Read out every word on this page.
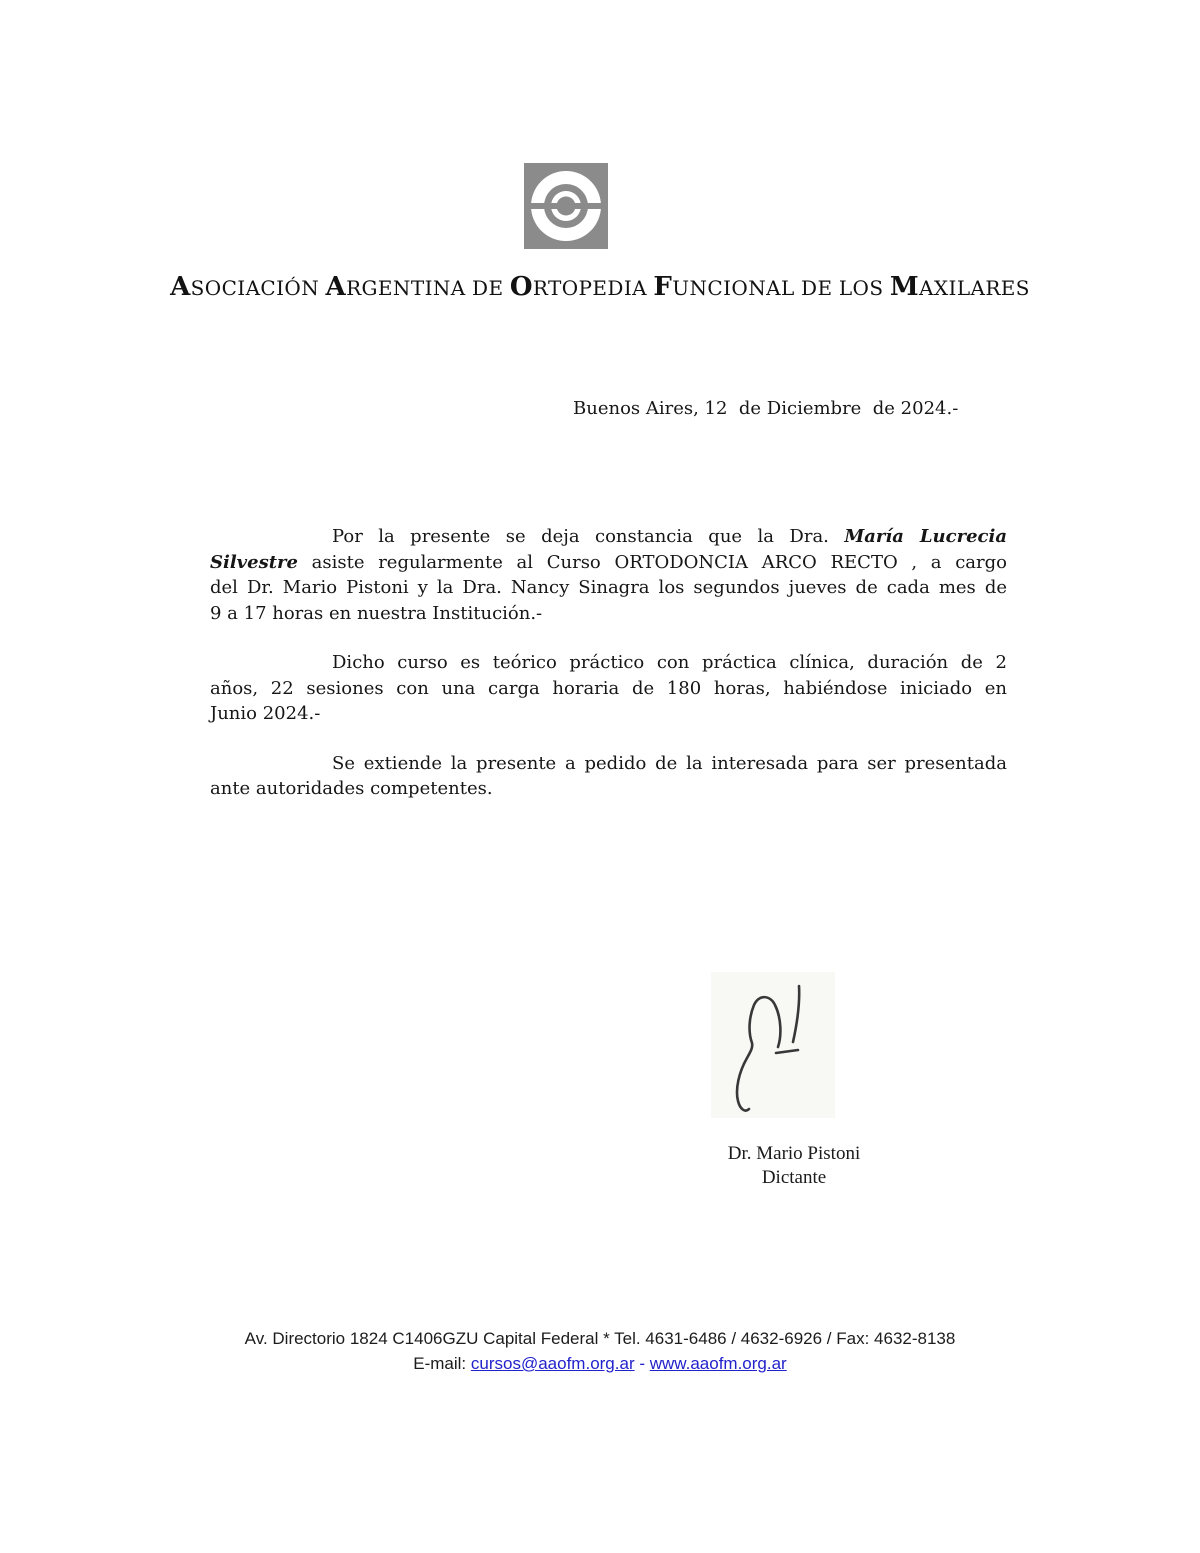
ASOCIACIÓN ARGENTINA DE ORTOPEDIA FUNCIONAL DE LOS MAXILARES
Buenos Aires, 12  de Diciembre  de 2024.-
Por la presente se deja constancia que la Dra. María Lucrecia
Silvestre asiste regularmente al Curso ORTODONCIA ARCO RECTO , a cargo
del Dr. Mario Pistoni y la Dra. Nancy Sinagra los segundos jueves de cada mes de
9 a 17 horas en nuestra Institución.-
Dicho curso es teórico práctico con práctica clínica, duración de 2
años, 22 sesiones con una carga horaria de 180 horas, habiéndose iniciado en
Junio 2024.-
Se extiende la presente a pedido de la interesada para ser presentada
ante autoridades competentes.
Dr. Mario Pistoni
Dictante
Av. Directorio 1824 C1406GZU Capital Federal * Tel. 4631-6486 / 4632-6926 / Fax: 4632-8138
E-mail: cursos@aaofm.org.ar - www.aaofm.org.ar
